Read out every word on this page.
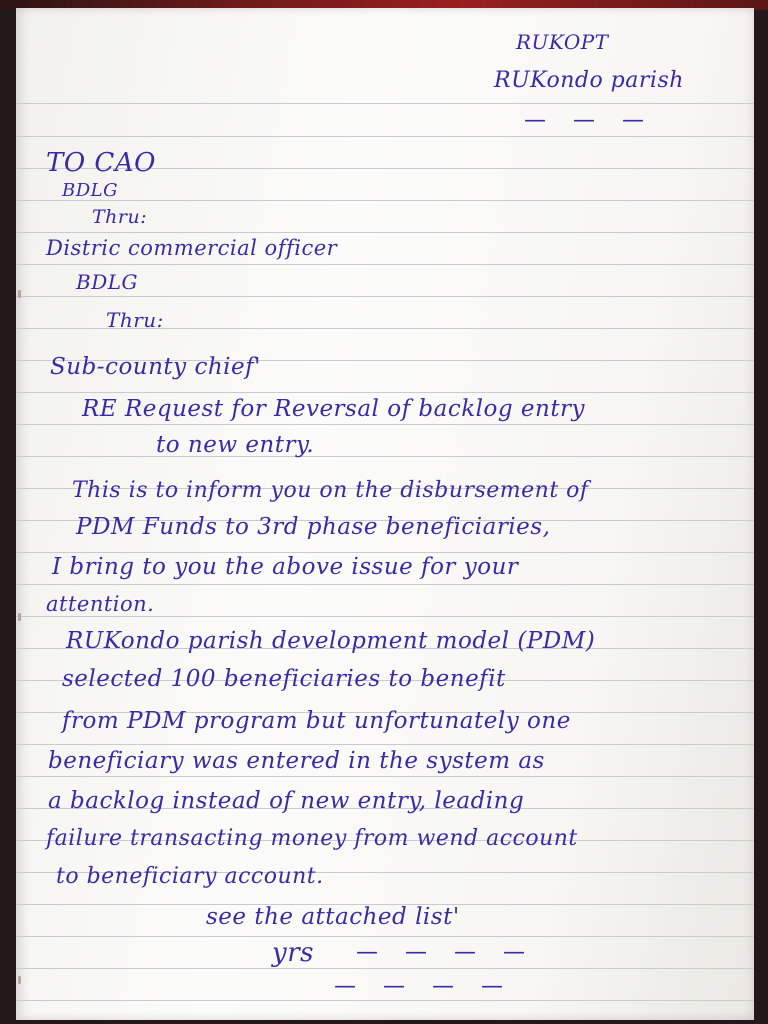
RUKOPT
RUKondo parish
— — —
TO CAO
BDLG
Thru:
Distric commercial officer
BDLG
Thru:
Sub-county chief'
RE Request for Reversal of backlog entry
to new entry.
This is to inform you on the disbursement of
PDM Funds to 3rd phase beneficiaries,
I bring to you the above issue for your
attention.
RUKondo parish development model (PDM)
selected 100 beneficiaries to benefit
from PDM program but unfortunately one
beneficiary was entered in the system as
a backlog instead of new entry, leading
failure transacting money from wend account
to beneficiary account.
see the attached list'
yrs — — — —
— — — —
